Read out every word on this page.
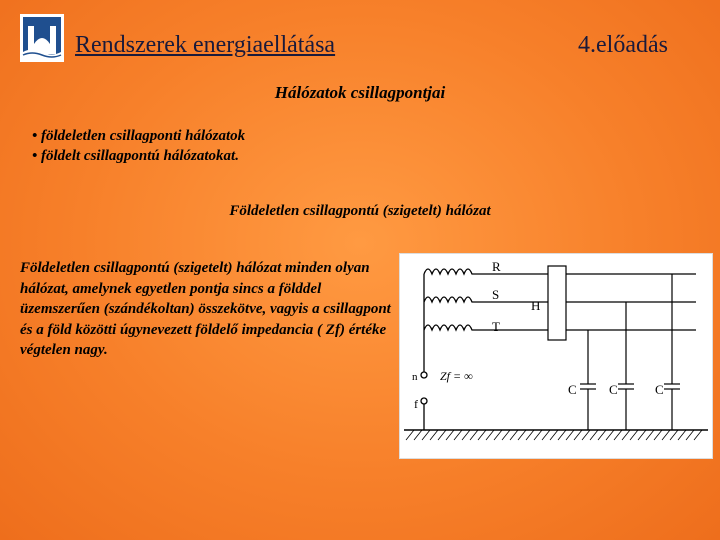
Rendszerek energiaellátása	4.előadás
Hálózatok csillagpontjai
• földeletlen csillagponti hálózatok
• földelt csillagpontú hálózatokat.
Földeletlen csillagpontú (szigetelt) hálózat
Földeletlen csillagpontú (szigetelt) hálózat minden olyan hálózat, amelynek egyetlen pontja sincs a földdel üzemszerűen (szándékoltan) összekötve, vagyis a csillagpont és a föld közötti úgynevezett földelő impedancia ( Zf) értéke végtelen nagy.
R
S
T
H
n
f
Zf = ∞
C C	C
